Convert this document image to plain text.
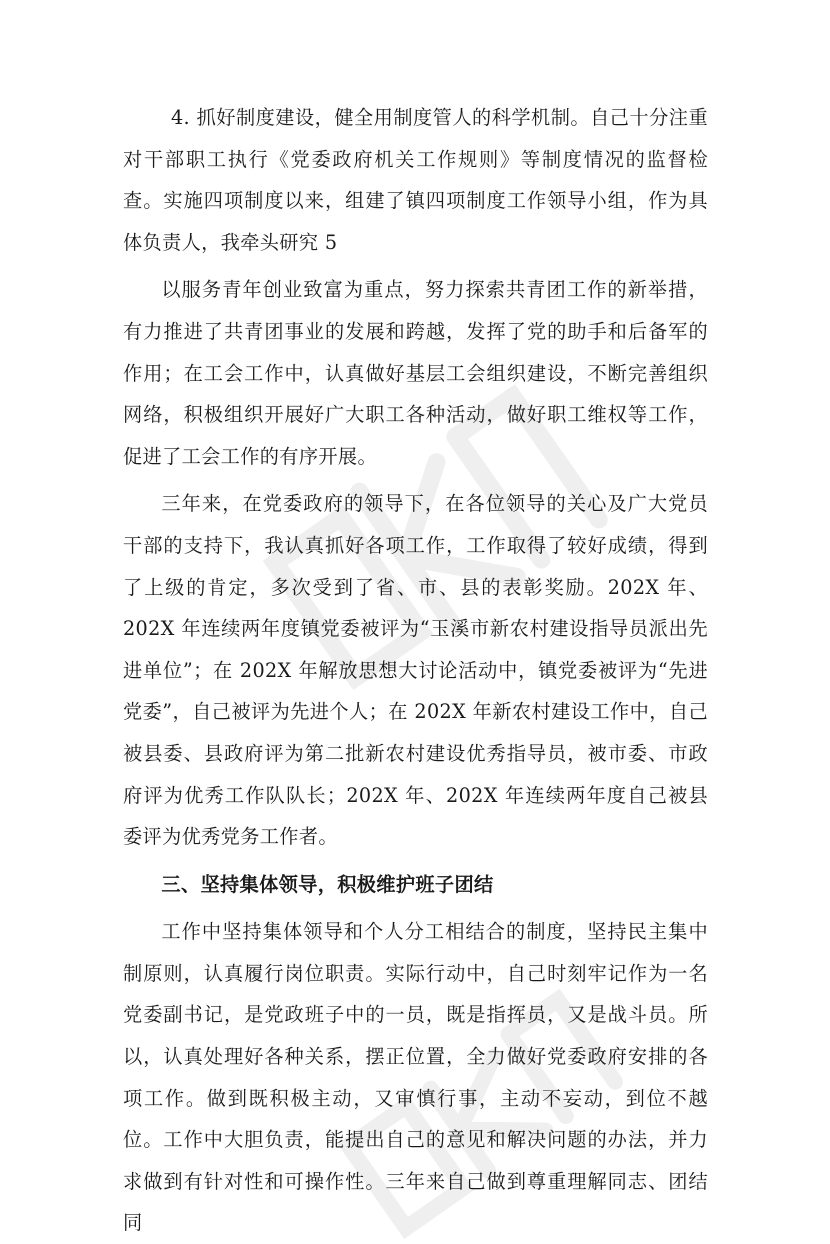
4. 抓好制度建设，健全用制度管人的科学机制。自己十分注重对干部职工执行《党委政府机关工作规则》等制度情况的监督检查。实施四项制度以来，组建了镇四项制度工作领导小组，作为具体负责人，我牵头研究 5

以服务青年创业致富为重点，努力探索共青团工作的新举措，有力推进了共青团事业的发展和跨越，发挥了党的助手和后备军的作用；在工会工作中，认真做好基层工会组织建设，不断完善组织网络，积极组织开展好广大职工各种活动，做好职工维权等工作，促进了工会工作的有序开展。

三年来，在党委政府的领导下，在各位领导的关心及广大党员干部的支持下，我认真抓好各项工作，工作取得了较好成绩，得到了上级的肯定，多次受到了省、市、县的表彰奖励。202X 年、202X 年连续两年度镇党委被评为“玉溪市新农村建设指导员派出先进单位”；在 202X 年解放思想大讨论活动中，镇党委被评为“先进党委”，自己被评为先进个人；在 202X 年新农村建设工作中，自己被县委、县政府评为第二批新农村建设优秀指导员，被市委、市政府评为优秀工作队队长；202X 年、202X 年连续两年度自己被县委评为优秀党务工作者。

三、坚持集体领导，积极维护班子团结

工作中坚持集体领导和个人分工相结合的制度，坚持民主集中制原则，认真履行岗位职责。实际行动中，自己时刻牢记作为一名党委副书记，是党政班子中的一员，既是指挥员，又是战斗员。所以，认真处理好各种关系，摆正位置，全力做好党委政府安排的各项工作。做到既积极主动，又审慎行事，主动不妄动，到位不越位。工作中大胆负责，能提出自己的意见和解决问题的办法，并力求做到有针对性和可操作性。三年来自己做到尊重理解同志、团结同
